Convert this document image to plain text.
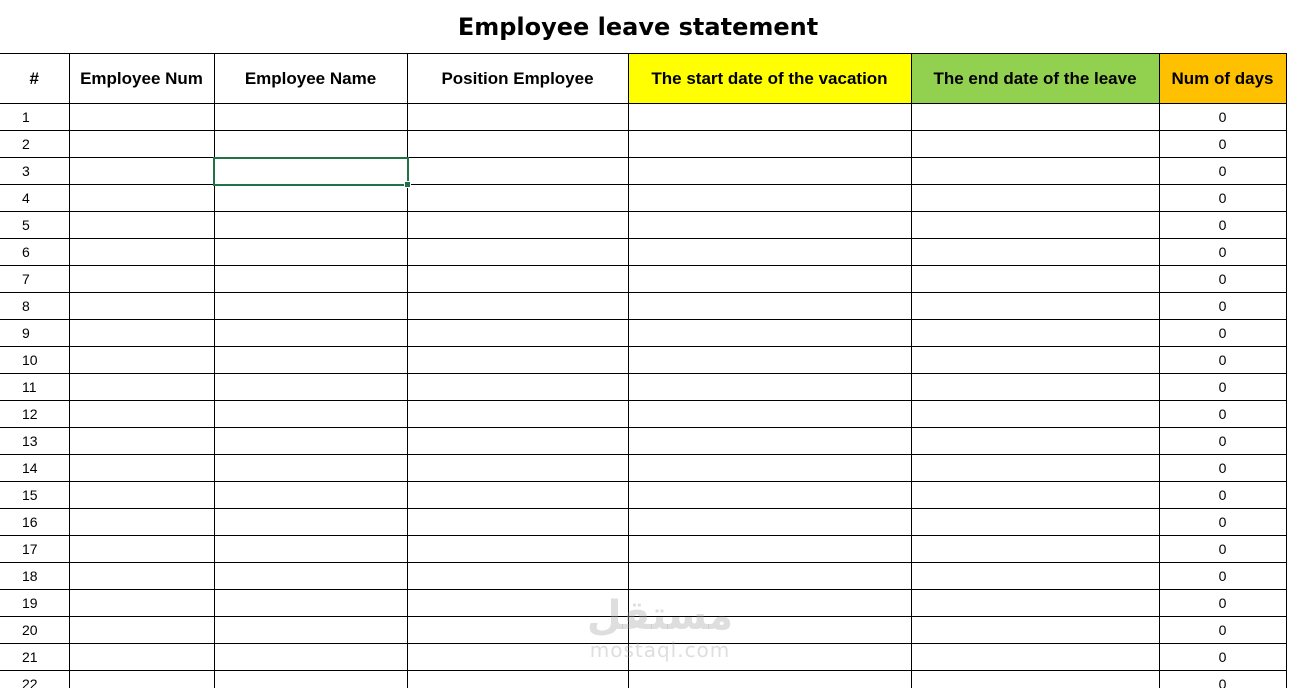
Employee leave statement
#	Employee Num	Employee Name	Position Employee	The start date of the vacation	The end date of the leave	Num of days
1						0
2						0
3						0
4						0
5						0
6						0
7						0
8						0
9						0
10						0
11						0
12						0
13						0
14						0
15						0
16						0
17						0
18						0
19						0
20						0
21						0
22						0
مستقل
mostaql.com
